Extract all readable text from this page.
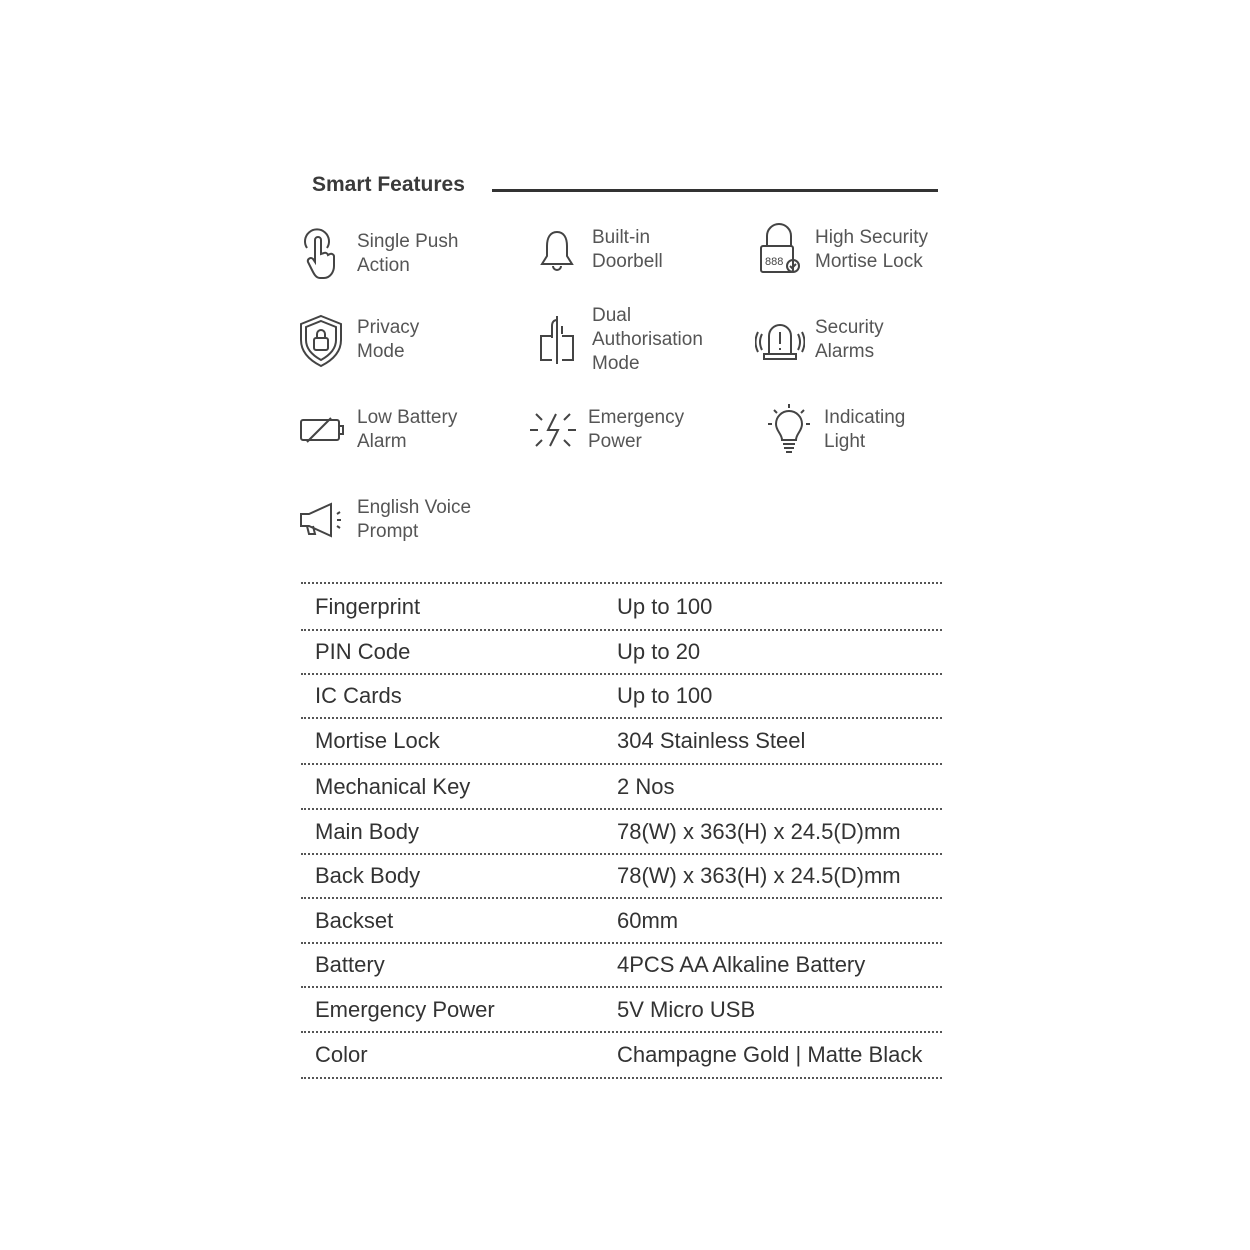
Smart Features
Single Push
Action
Built-in
Doorbell	888
High Security
Mortise Lock
Privacy
Mode
Dual
Authorisation
Mode
Security
Alarms
Low Battery
Alarm
Emergency
Power
Indicating
Light
English Voice
Prompt
Fingerprint	Up to 100
PIN Code	Up to 20
IC Cards	Up to 100
Mortise Lock	304 Stainless Steel
Mechanical Key	2 Nos
Main Body	78(W) x 363(H) x 24.5(D)mm
Back Body	78(W) x 363(H) x 24.5(D)mm
Backset	60mm
Battery	4PCS AA Alkaline Battery
Emergency Power	5V Micro USB
Color	Champagne Gold | Matte Black
